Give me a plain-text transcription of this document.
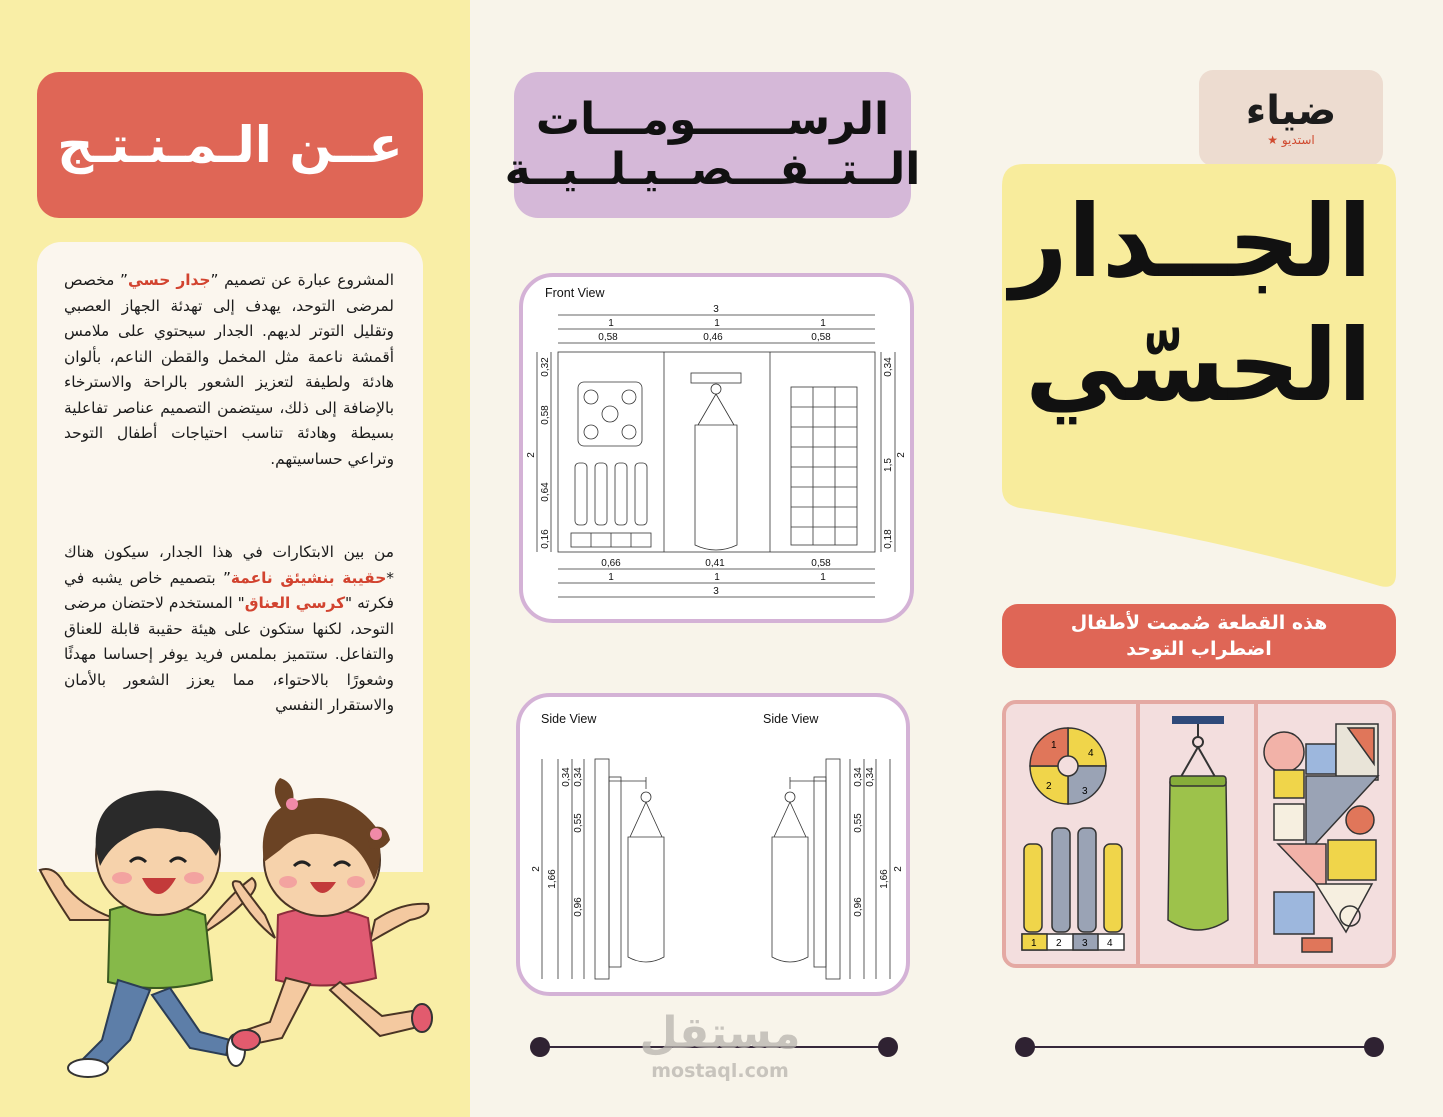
عــن الـمـنـتـج

المشروع عبارة عن تصميم ”جدار حسي” مخصص لمرضى التوحد، يهدف إلى تهدئة الجهاز العصبي وتقليل التوتر لديهم. الجدار سيحتوي على ملامس أقمشة ناعمة مثل المخمل والقطن الناعم، بألوان هادئة ولطيفة لتعزيز الشعور بالراحة والاسترخاء بالإضافة إلى ذلك، سيتضمن التصميم عناصر تفاعلية بسيطة وهادئة تناسب احتياجات أطفال التوحد وتراعي حساسيتهم.

من بين الابتكارات في هذا الجدار، سيكون هناك *حقيبة بنشيئق ناعمة” بتصميم خاص يشبه في فكرته "كرسي العناق" المستخدم لاحتضان مرضى التوحد، لكنها ستكون على هيئة حقيبة قابلة للعناق والتفاعل. ستتميز بملمس فريد يوفر إحساسا مهدئًا وشعورًا بالاحتواء، مما يعزز الشعور بالأمان والاستقرار النفسي

الرســــــومـــات
الــتــفـــصــيـلــيــة
Front View
3
1	1	1
0,58	0,46	0,58
0,66	0,41	0,58
1	1	1
3
2
0,32
0,58
0,64
0,16
0,34
1,5
0,18
2
Side View	Side View
2
1,66
0,34 0,34
0,55
0,96
0,34
0,55
0,96
0,34
1,66
2
مستقل
mostaql.com
ضياء
★ استديو
الجــدار
الحسّي
هذه القطعة صُممت لأطفال
اضطراب التوحد
1
4
2	3
1 2 3 4
